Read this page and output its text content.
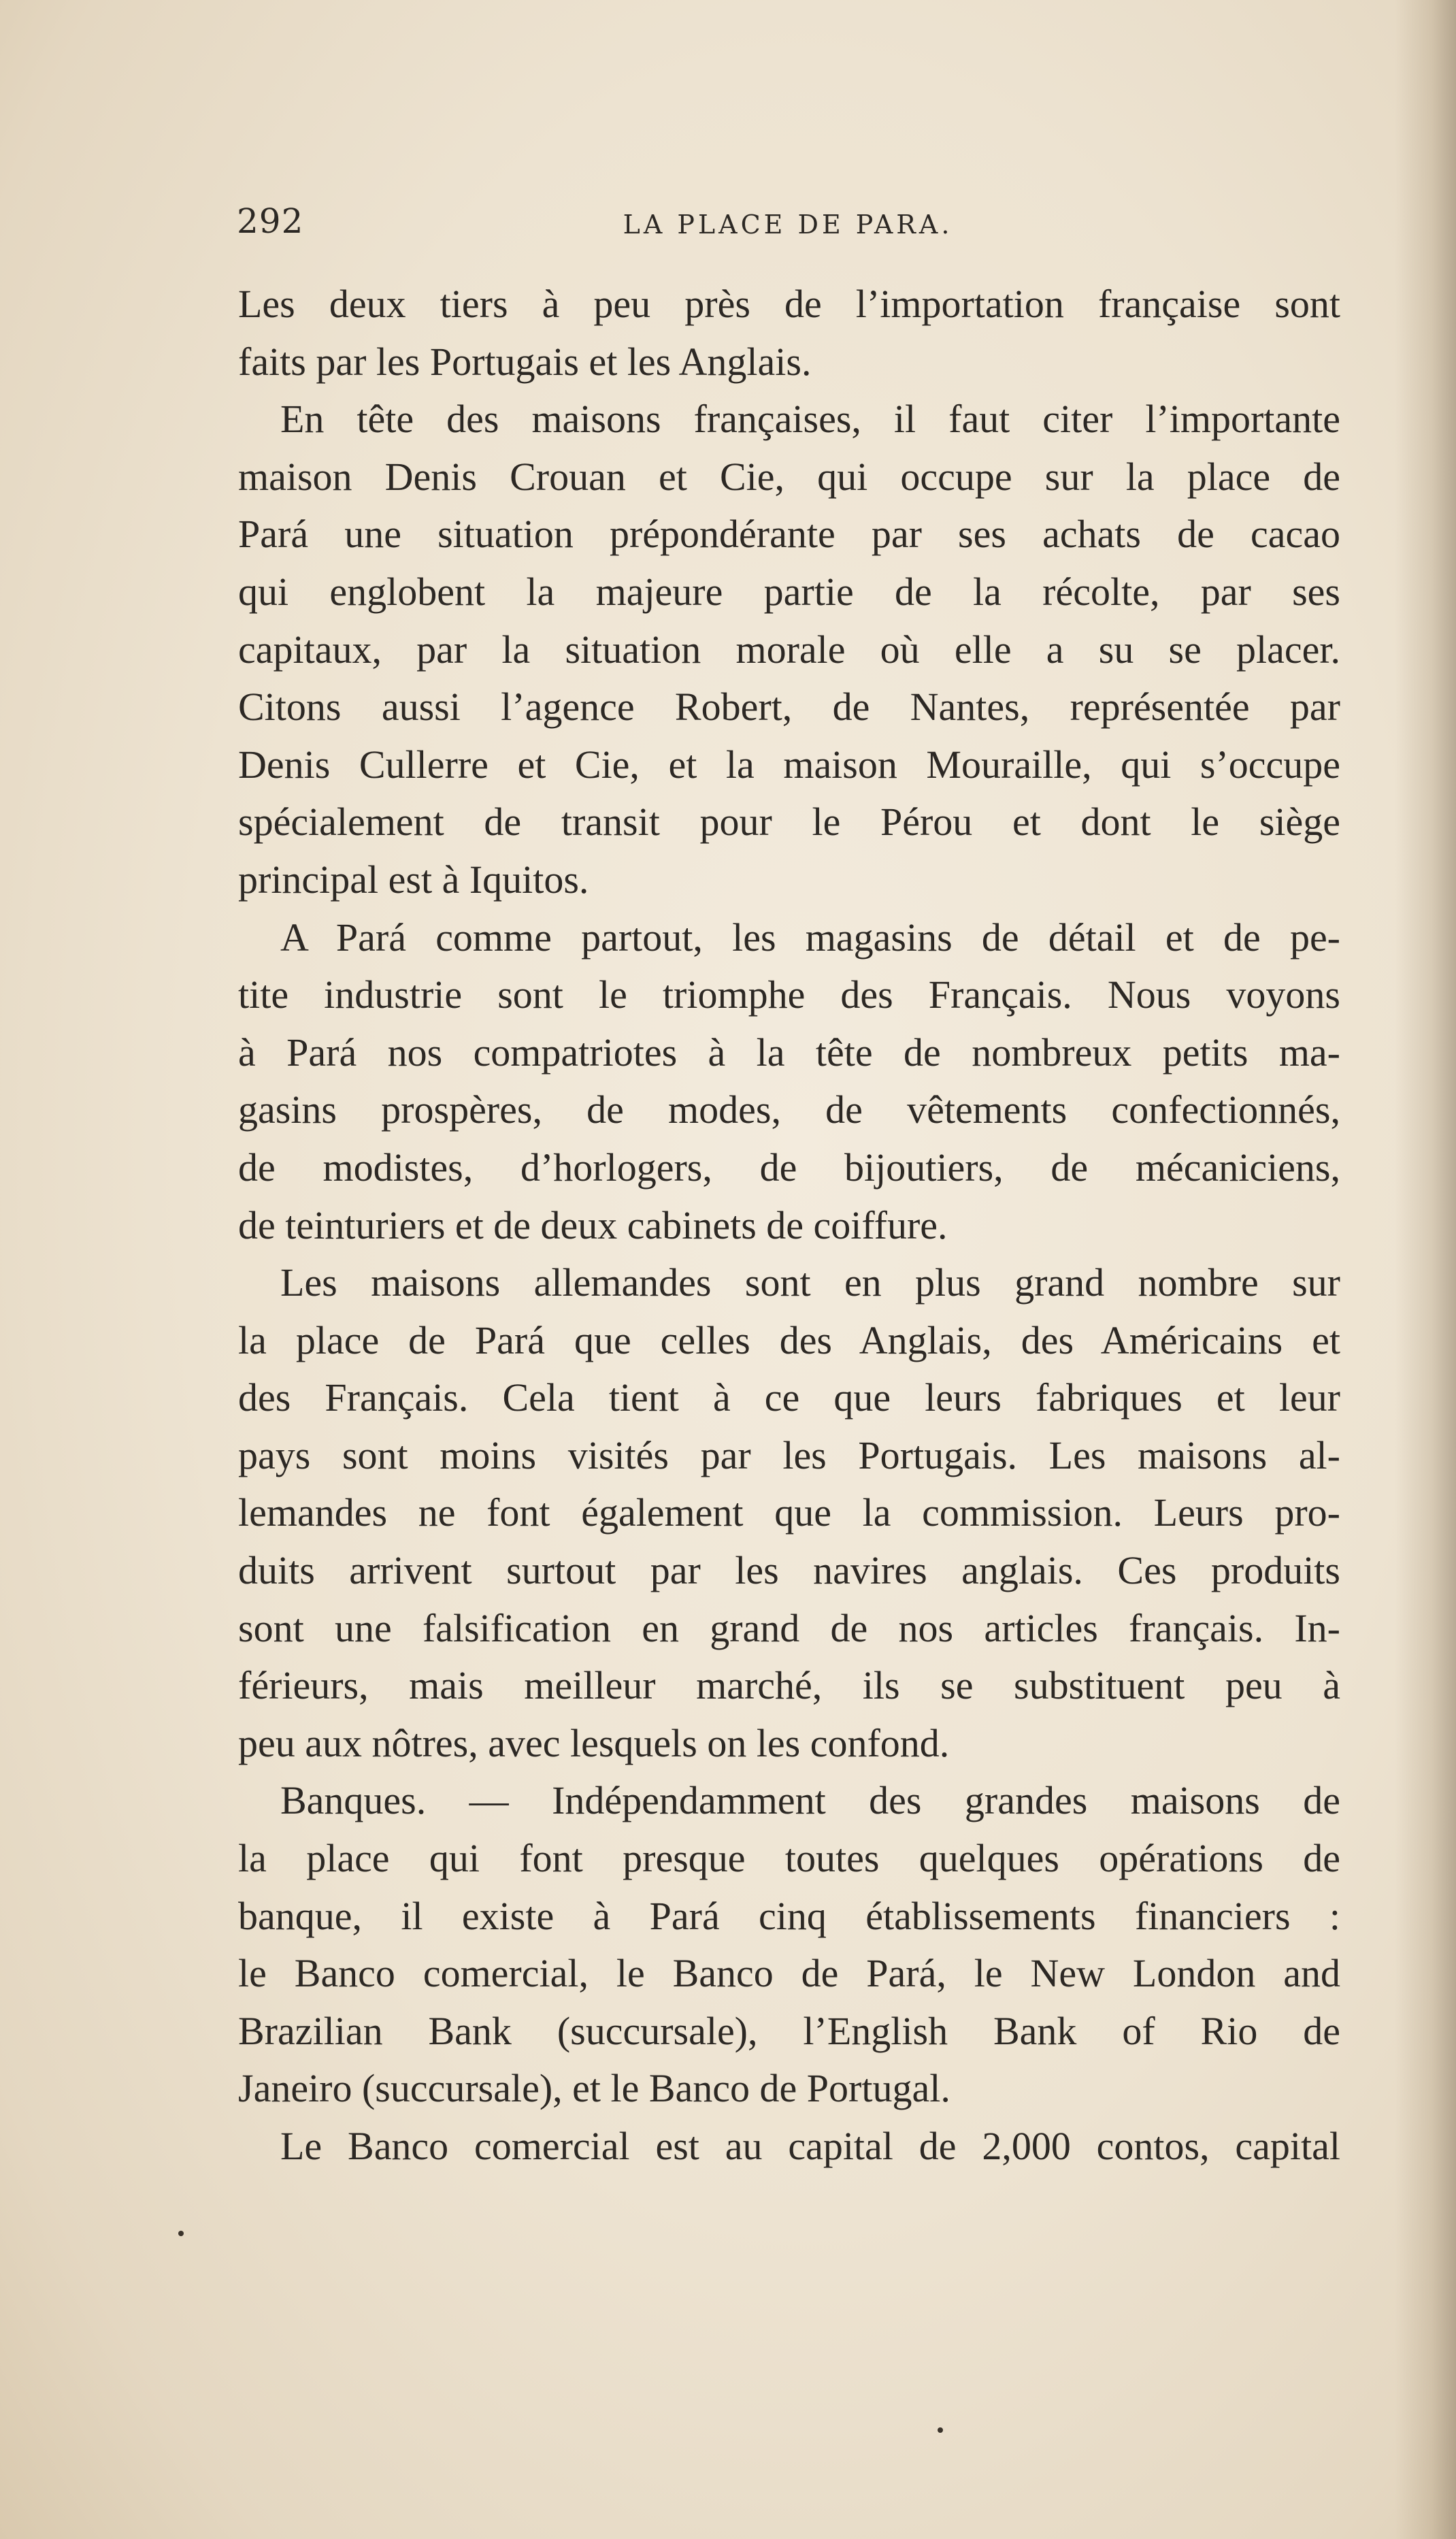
292	LA PLACE DE PARA.
Les deux tiers à peu près de l’importation française sont
faits par les Portugais et les Anglais.
En tête des maisons françaises, il faut citer l’importante
maison Denis Crouan et Cie, qui occupe sur la place de
Pará une situation prépondérante par ses achats de cacao
qui englobent la majeure partie de la récolte, par ses
capitaux, par la situation morale où elle a su se placer.
Citons aussi l’agence Robert, de Nantes, représentée par
Denis Cullerre et Cie, et la maison Mouraille, qui s’occupe
spécialement de transit pour le Pérou et dont le siège
principal est à Iquitos.
A Pará comme partout, les magasins de détail et de pe-
tite industrie sont le triomphe des Français. Nous voyons
à Pará nos compatriotes à la tête de nombreux petits ma-
gasins prospères, de modes, de vêtements confectionnés,
de modistes, d’horlogers, de bijoutiers, de mécaniciens,
de teinturiers et de deux cabinets de coiffure.
Les maisons allemandes sont en plus grand nombre sur
la place de Pará que celles des Anglais, des Américains et
des Français. Cela tient à ce que leurs fabriques et leur
pays sont moins visités par les Portugais. Les maisons al-
lemandes ne font également que la commission. Leurs pro-
duits arrivent surtout par les navires anglais. Ces produits
sont une falsification en grand de nos articles français. In-
férieurs, mais meilleur marché, ils se substituent peu à
peu aux nôtres, avec lesquels on les confond.
Banques. — Indépendamment des grandes maisons de
la place qui font presque toutes quelques opérations de
banque, il existe à Pará cinq établissements financiers :
le Banco comercial, le Banco de Pará, le New London and
Brazilian Bank (succursale), l’English Bank of Rio de
Janeiro (succursale), et le Banco de Portugal.
Le Banco comercial est au capital de 2,000 contos, capital
